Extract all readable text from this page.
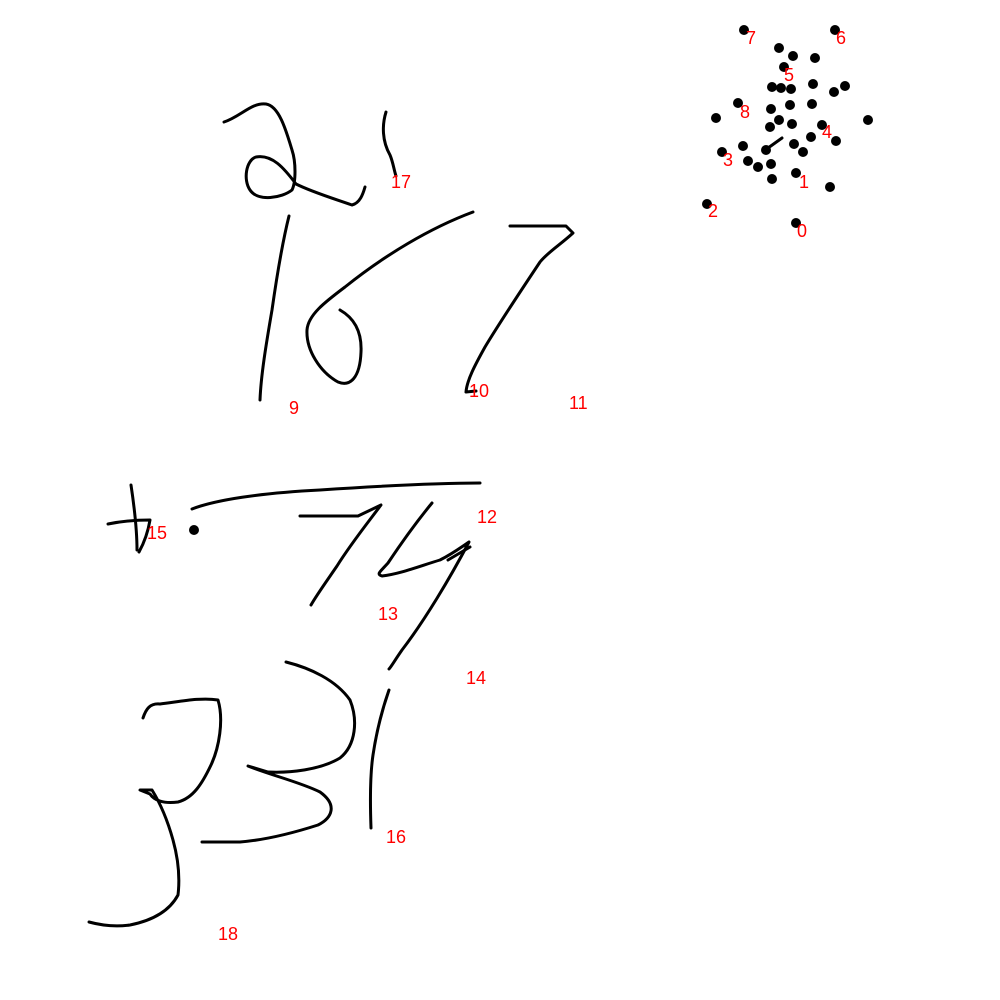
0
1
2
3
4
5
6
7
8
9
10
11
12
13
14
15
16
17
18
